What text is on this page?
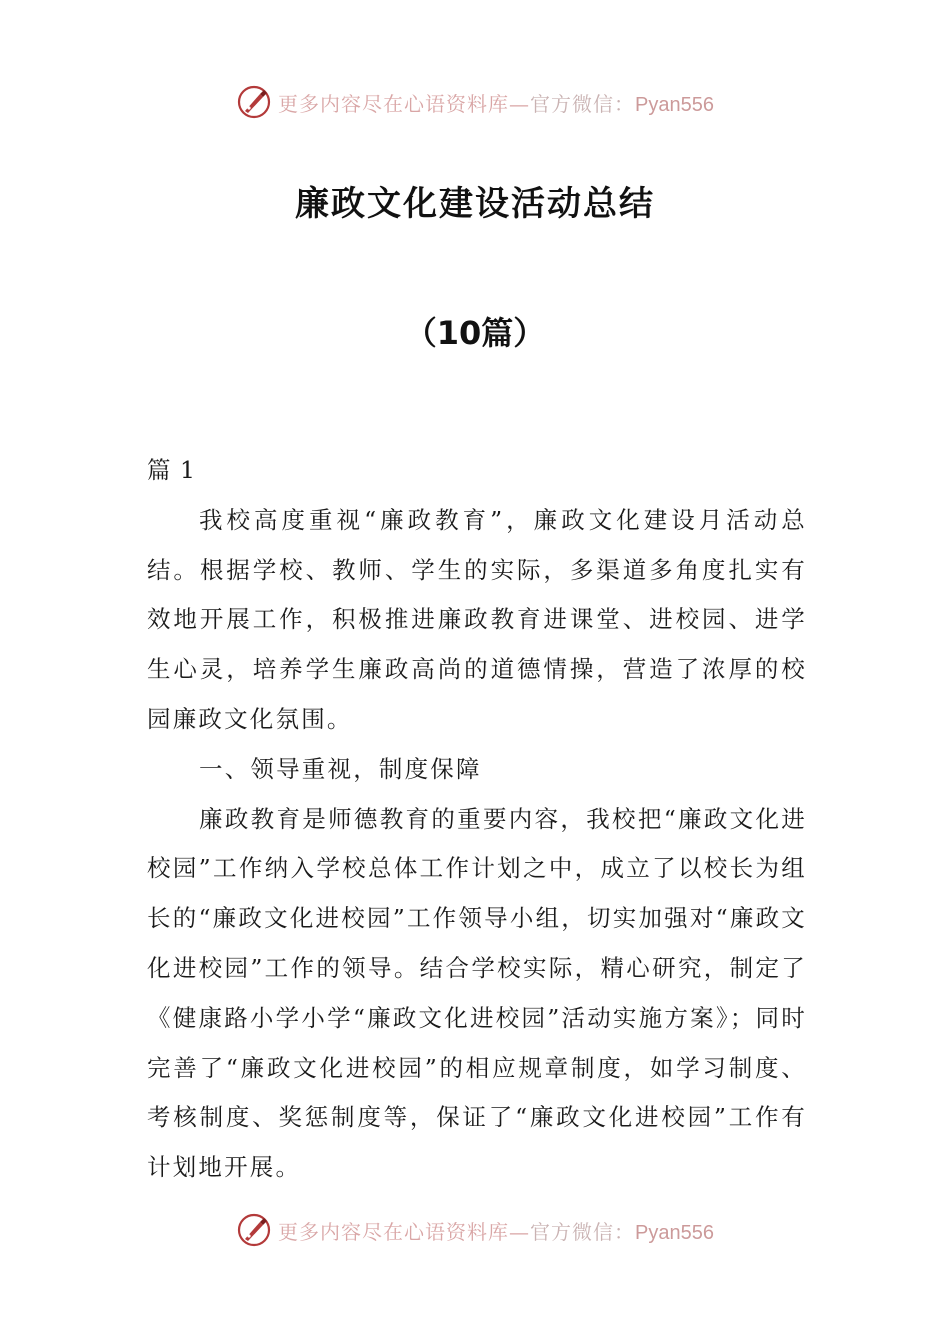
更多内容尽在心语资料库—官方微信：Pyan556
廉政文化建设活动总结
（10篇）

篇 1

我校高度重视“廉政教育”，廉政文化建设月活动总结。根据学校、教师、学生的实际，多渠道多角度扎实有效地开展工作，积极推进廉政教育进课堂、进校园、进学生心灵，培养学生廉政高尚的道德情操，营造了浓厚的校园廉政文化氛围。

一、领导重视，制度保障

廉政教育是师德教育的重要内容，我校把“廉政文化进校园”工作纳入学校总体工作计划之中，成立了以校长为组长的“廉政文化进校园”工作领导小组，切实加强对“廉政文化进校园”工作的领导。结合学校实际，精心研究，制定了《健康路小学小学“廉政文化进校园”活动实施方案》；同时完善了“廉政文化进校园”的相应规章制度，如学习制度、考核制度、奖惩制度等，保证了“廉政文化进校园”工作有计划地开展。

更多内容尽在心语资料库—官方微信：Pyan556
